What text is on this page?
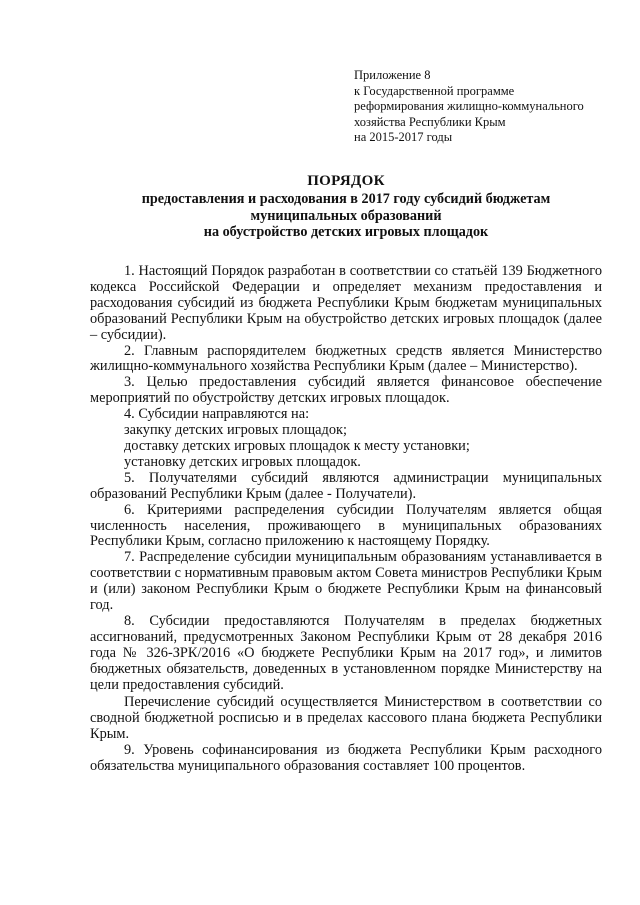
Приложение 8
к Государственной программе
реформирования жилищно-коммунального
хозяйства Республики Крым
на 2015-2017 годы
ПОРЯДОК
предоставления и расходования в 2017 году субсидий бюджетам
муниципальных образований
на обустройство детских игровых площадок

1. Настоящий Порядок разработан в соответствии со статьёй 139 Бюджетного кодекса Российской Федерации и определяет механизм предоставления и расходования субсидий из бюджета Республики Крым бюджетам муниципальных образований Республики Крым на обустройство детских игровых площадок (далее – субсидии).

2. Главным распорядителем бюджетных средств является Министерство жилищно-коммунального хозяйства Республики Крым (далее – Министерство).

3. Целью предоставления субсидий является финансовое обеспечение мероприятий по обустройству детских игровых площадок.

4. Субсидии направляются на:

закупку детских игровых площадок;

доставку детских игровых площадок к месту установки;

установку детских игровых площадок.

5. Получателями субсидий являются администрации муниципальных образований Республики Крым (далее - Получатели).

6. Критериями распределения субсидии Получателям является общая численность населения, проживающего в муниципальных образованиях Республики Крым, согласно приложению к настоящему Порядку.

7. Распределение субсидии муниципальным образованиям устанавливается в соответствии с нормативным правовым актом Совета министров Республики Крым и (или) законом Республики Крым о бюджете Республики Крым на финансовый год.

8. Субсидии предоставляются Получателям в пределах бюджетных ассигнований, предусмотренных Законом Республики Крым от 28 декабря 2016 года № 326-ЗРК/2016 «О бюджете Республики Крым на 2017 год», и лимитов бюджетных обязательств, доведенных в установленном порядке Министерству на цели предоставления субсидий.

Перечисление субсидий осуществляется Министерством в соответствии со сводной бюджетной росписью и в пределах кассового плана бюджета Республики Крым.

9. Уровень софинансирования из бюджета Республики Крым расходного обязательства муниципального образования составляет 100 процентов.
